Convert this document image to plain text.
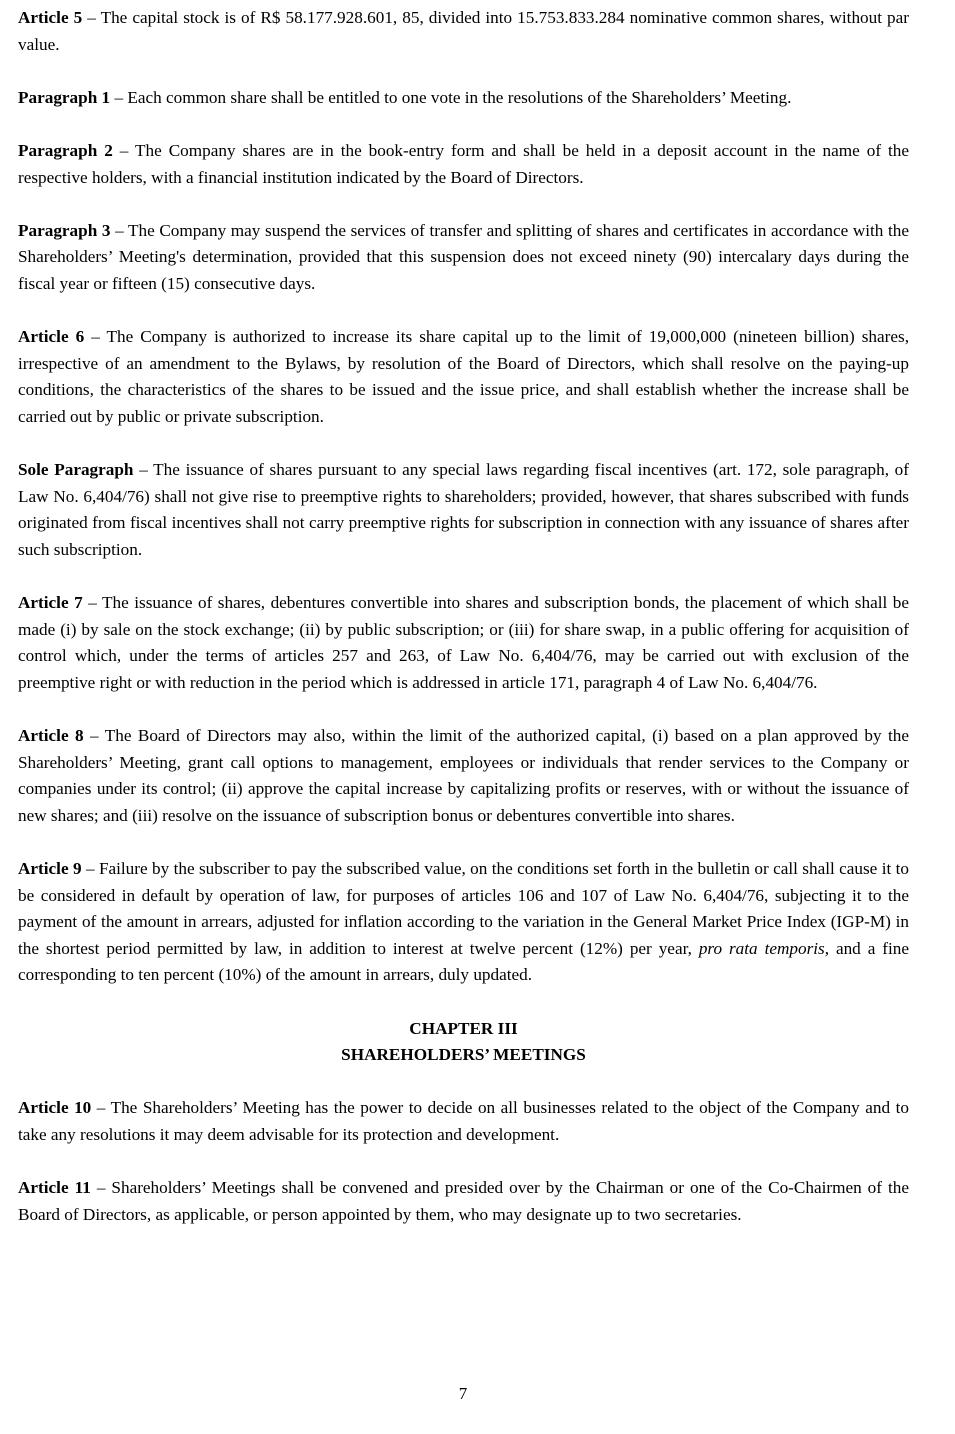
Article 5 – The capital stock is of R$ 58.177.928.601, 85, divided into 15.753.833.284 nominative common shares, without par value.

Paragraph 1 – Each common share shall be entitled to one vote in the resolutions of the Shareholders’ Meeting.

Paragraph 2 – The Company shares are in the book-entry form and shall be held in a deposit account in the name of the respective holders, with a financial institution indicated by the Board of Directors.

Paragraph 3 – The Company may suspend the services of transfer and splitting of shares and certificates in accordance with the Shareholders’ Meeting's determination, provided that this suspension does not exceed ninety (90) intercalary days during the fiscal year or fifteen (15) consecutive days.

Article 6 – The Company is authorized to increase its share capital up to the limit of 19,000,000 (nineteen billion) shares, irrespective of an amendment to the Bylaws, by resolution of the Board of Directors, which shall resolve on the paying-up conditions, the characteristics of the shares to be issued and the issue price, and shall establish whether the increase shall be carried out by public or private subscription.

Sole Paragraph – The issuance of shares pursuant to any special laws regarding fiscal incentives (art. 172, sole paragraph, of Law No. 6,404/76) shall not give rise to preemptive rights to shareholders; provided, however, that shares subscribed with funds originated from fiscal incentives shall not carry preemptive rights for subscription in connection with any issuance of shares after such subscription.

Article 7 – The issuance of shares, debentures convertible into shares and subscription bonds, the placement of which shall be made (i) by sale on the stock exchange; (ii) by public subscription; or (iii) for share swap, in a public offering for acquisition of control which, under the terms of articles 257 and 263, of Law No. 6,404/76, may be carried out with exclusion of the preemptive right or with reduction in the period which is addressed in article 171, paragraph 4 of Law No. 6,404/76.

Article 8 – The Board of Directors may also, within the limit of the authorized capital, (i) based on a plan approved by the Shareholders’ Meeting, grant call options to management, employees or individuals that render services to the Company or companies under its control; (ii) approve the capital increase by capitalizing profits or reserves, with or without the issuance of new shares; and (iii) resolve on the issuance of subscription bonus or debentures convertible into shares.

Article 9 – Failure by the subscriber to pay the subscribed value, on the conditions set forth in the bulletin or call shall cause it to be considered in default by operation of law, for purposes of articles 106 and 107 of Law No. 6,404/76, subjecting it to the payment of the amount in arrears, adjusted for inflation according to the variation in the General Market Price Index (IGP-M) in the shortest period permitted by law, in addition to interest at twelve percent (12%) per year, pro rata temporis, and a fine corresponding to ten percent (10%) of the amount in arrears, duly updated.

CHAPTER III

SHAREHOLDERS’ MEETINGS

Article 10 – The Shareholders’ Meeting has the power to decide on all businesses related to the object of the Company and to take any resolutions it may deem advisable for its protection and development.

Article 11 – Shareholders’ Meetings shall be convened and presided over by the Chairman or one of the Co-Chairmen of the Board of Directors, as applicable, or person appointed by them, who may designate up to two secretaries.

7
